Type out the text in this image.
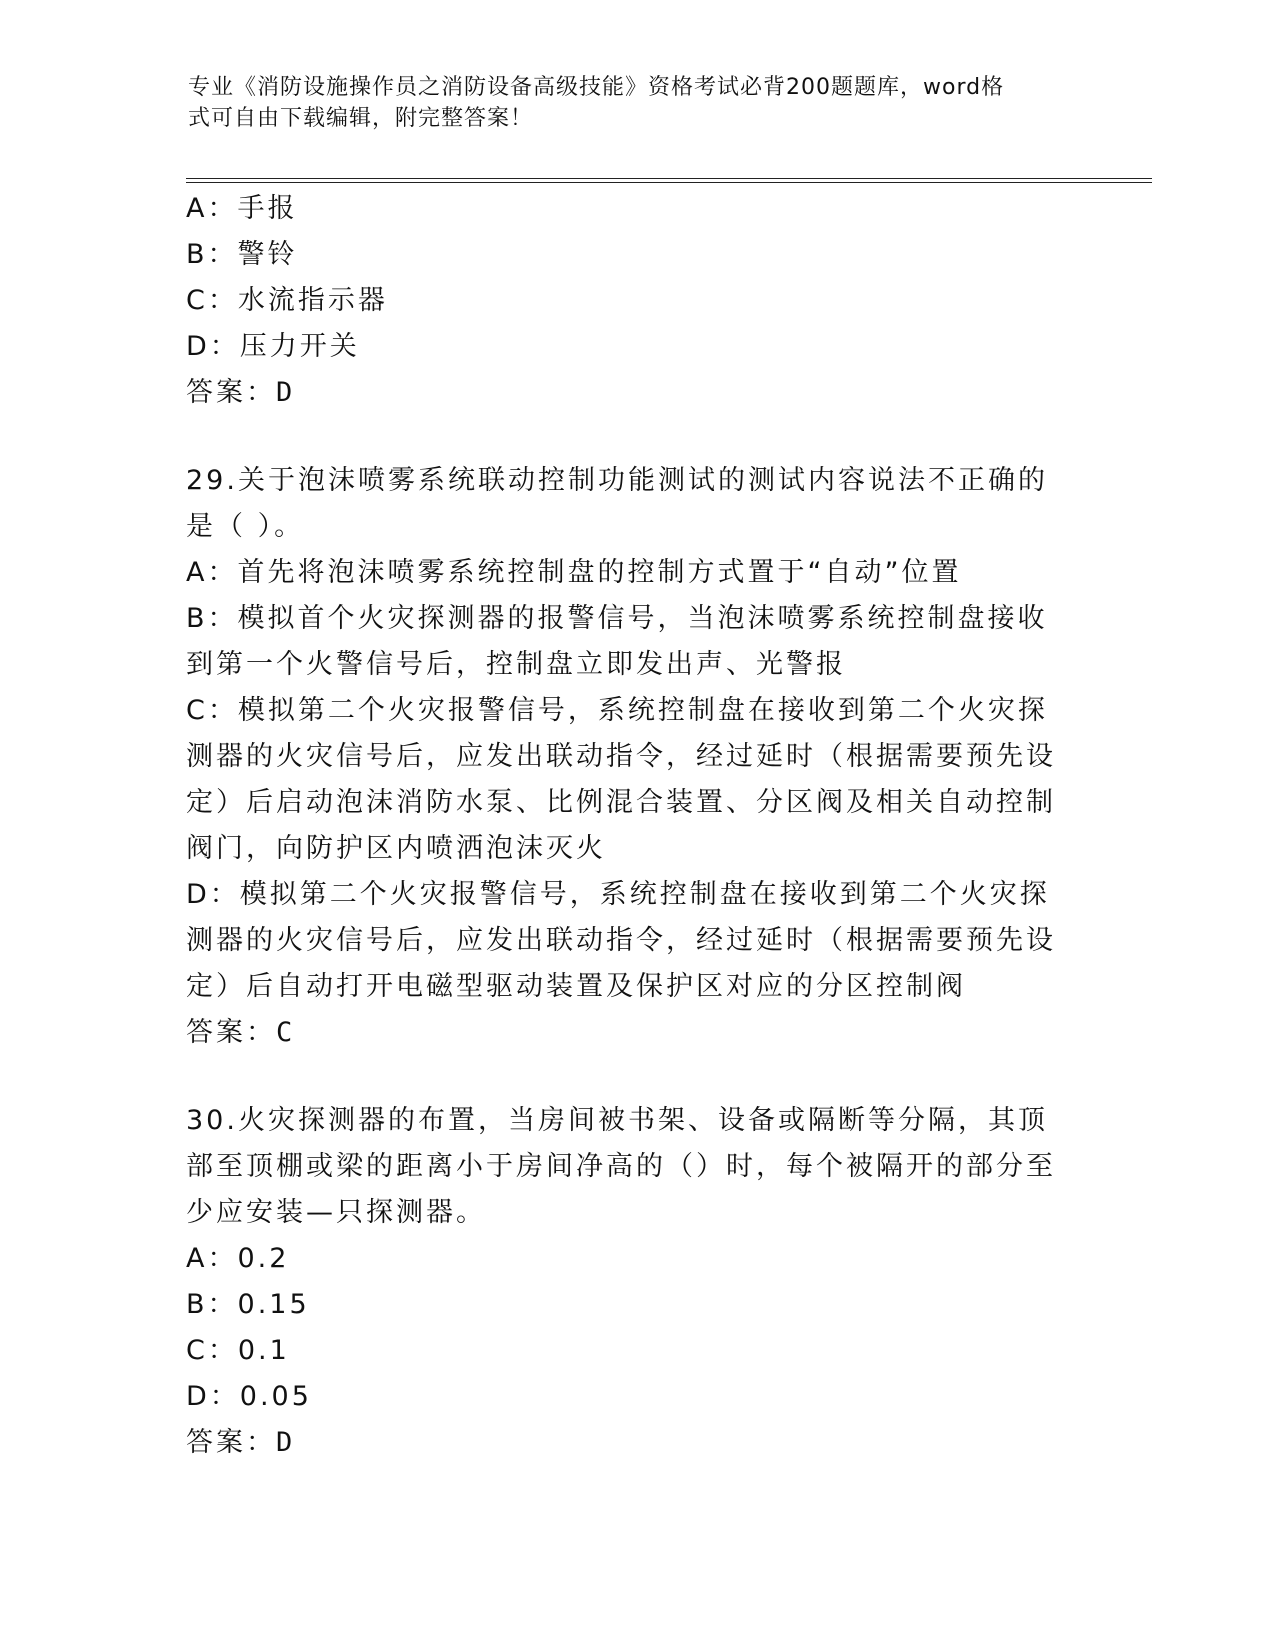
专业《消防设施操作员之消防设备高级技能》资格考试必背200题题库，word格
式可自由下载编辑，附完整答案！
A：手报
B：警铃
C：水流指示器
D：压力开关
答案：D
29.关于泡沫喷雾系统联动控制功能测试的测试内容说法不正确的是（ ）。
A：首先将泡沫喷雾系统控制盘的控制方式置于“自动”位置
B：模拟首个火灾探测器的报警信号，当泡沫喷雾系统控制盘接收到第一个火警信号后，控制盘立即发出声、光警报
C：模拟第二个火灾报警信号，系统控制盘在接收到第二个火灾探测器的火灾信号后，应发出联动指令，经过延时（根据需要预先设定）后启动泡沫消防水泵、比例混合装置、分区阀及相关自动控制阀门，向防护区内喷洒泡沫灭火
D：模拟第二个火灾报警信号，系统控制盘在接收到第二个火灾探测器的火灾信号后，应发出联动指令，经过延时（根据需要预先设定）后自动打开电磁型驱动装置及保护区对应的分区控制阀
答案：C
30.火灾探测器的布置，当房间被书架、设备或隔断等分隔，其顶部至顶棚或梁的距离小于房间净高的（）时，每个被隔开的部分至少应安装—只探测器。
A：0.2
B：0.15
C：0.1
D：0.05
答案：D
